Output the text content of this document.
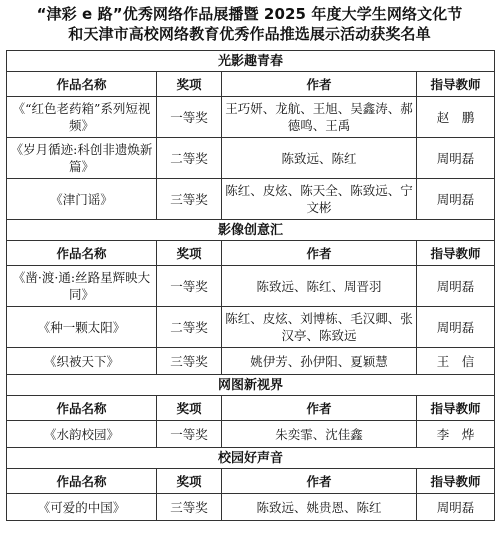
“津彩 e 路”优秀网络作品展播暨 2025 年度大学生网络文化节
和天津市高校网络教育优秀作品推选展示活动获奖名单
光影趣青春			
作品名称	奖项	作者	指导教师
《“红色老药箱”系列短视频》	一等奖	王巧妍、龙航、王旭、吴鑫涛、郝德鸣、王禹	赵　鹏
《岁月循迹:科创非遗焕新篇》	二等奖	陈致远、陈红	周明磊
《津门谣》	三等奖	陈红、皮炫、陈天全、陈致远、宁文彬	周明磊
影像创意汇			
作品名称	奖项	作者	指导教师
《凿·渡·通:丝路星辉映大同》	一等奖	陈致远、陈红、周晋羽	周明磊
《种一颗太阳》	二等奖	陈红、皮炫、刘博栋、毛汉卿、张汉亭、陈致远	周明磊
《织被天下》	三等奖	姚伊芳、孙伊阳、夏颖慧	王　信
网图新视界			
作品名称	奖项	作者	指导教师
《水韵校园》	一等奖	朱奕霏、沈佳鑫	李　烨
校园好声音			
作品名称	奖项	作者	指导教师
《可爱的中国》	三等奖	陈致远、姚贵恩、陈红	周明磊
